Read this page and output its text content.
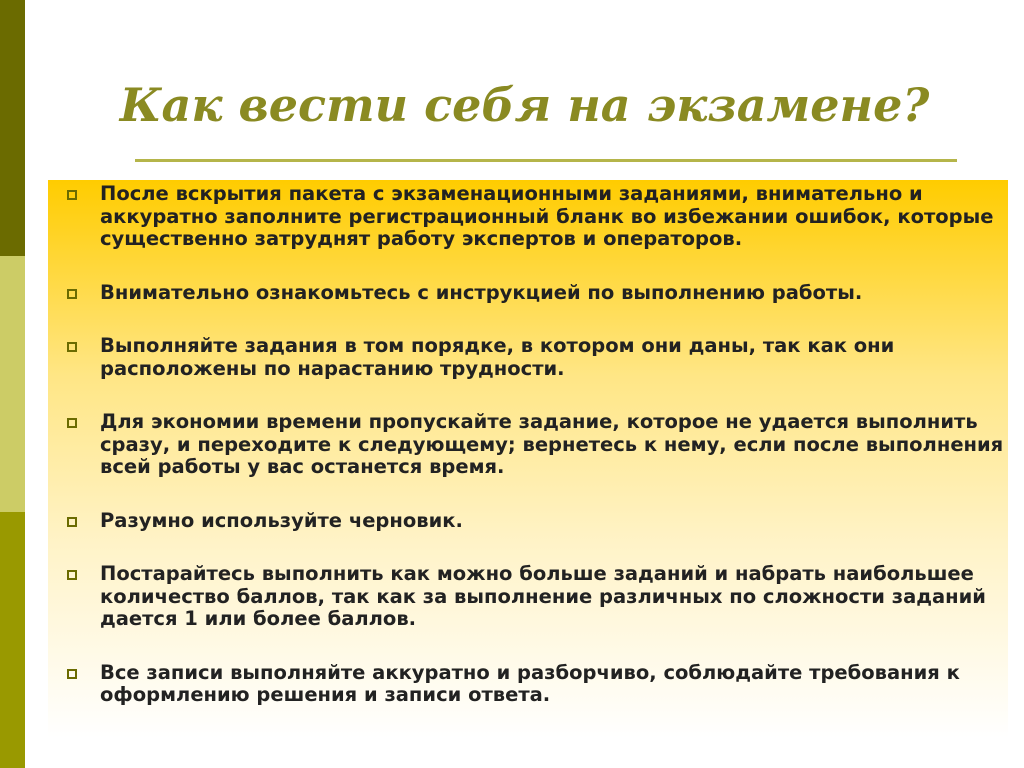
Как вести себя на экзамене?
После вскрытия пакета с экзаменационными заданиями, внимательно и аккуратно заполните регистрационный бланк во избежании ошибок, которые существенно затруднят работу экспертов и операторов.
Внимательно ознакомьтесь с инструкцией по выполнению работы.
Выполняйте задания в том порядке, в котором они даны, так как они расположены по нарастанию трудности.
Для экономии времени пропускайте задание, которое не удается выполнить сразу, и переходите к следующему; вернетесь к нему, если после выполнения всей работы у вас останется время.
Разумно используйте черновик.
Постарайтесь выполнить как можно больше заданий и набрать наибольшее количество баллов, так как за выполнение различных по сложности заданий дается 1 или более баллов.
Все записи выполняйте аккуратно и разборчиво, соблюдайте требования к оформлению решения и записи ответа.
